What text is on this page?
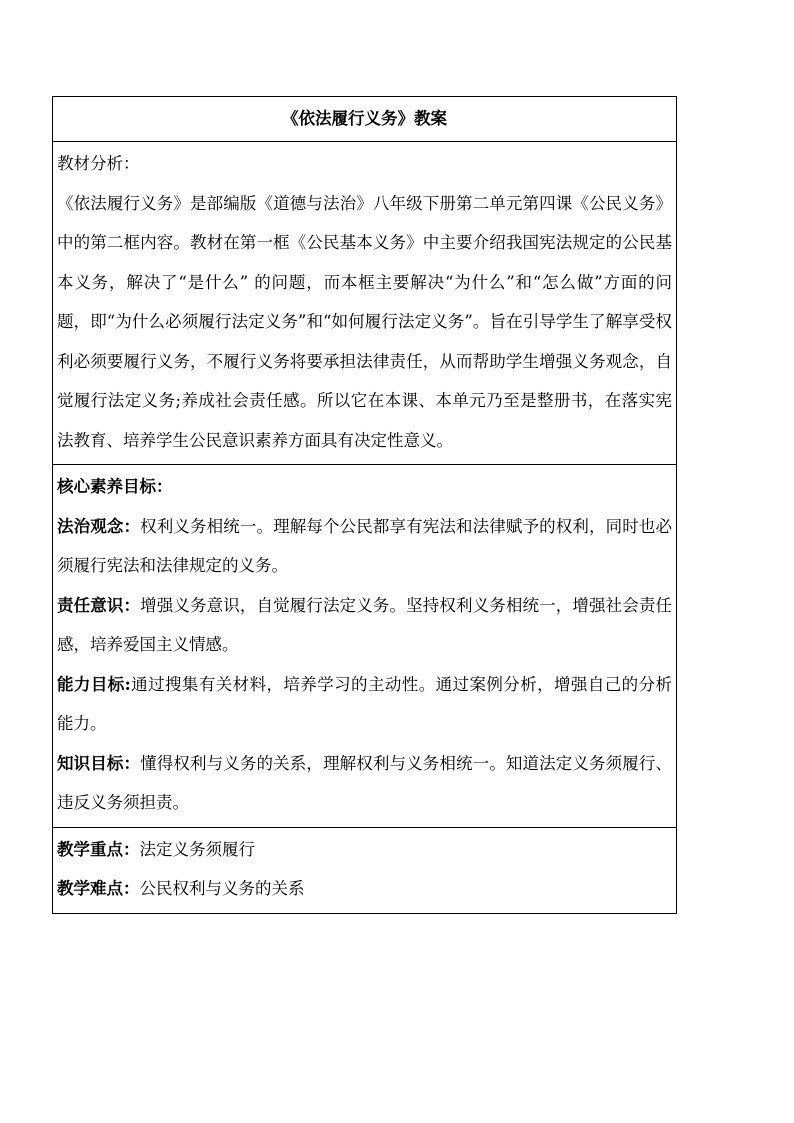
《依法履行义务》教案

教材分析：

《依法履行义务》是部编版《道德与法治》八年级下册第二单元第四课《公民义务》中的第二框内容。教材在第一框《公民基本义务》中主要介绍我国宪法规定的公民基本义务，解决了“是什么” 的问题，而本框主要解决“为什么”和“怎么做”方面的问题，即“为什么必须履行法定义务”和“如何履行法定义务”。旨在引导学生了解享受权利必须要履行义务，不履行义务将要承担法律责任，从而帮助学生增强义务观念，自觉履行法定义务;养成社会责任感。所以它在本课、本单元乃至是整册书，在落实宪法教育、培养学生公民意识素养方面具有决定性意义。

核心素养目标：

法治观念：权利义务相统一。理解每个公民都享有宪法和法律赋予的权利，同时也必须履行宪法和法律规定的义务。

责任意识：增强义务意识，自觉履行法定义务。坚持权利义务相统一，增强社会责任感，培养爱国主义情感。

能力目标:通过搜集有关材料，培养学习的主动性。通过案例分析，增强自己的分析能力。

知识目标：懂得权利与义务的关系，理解权利与义务相统一。知道法定义务须履行、违反义务须担责。

教学重点：法定义务须履行

教学难点：公民权利与义务的关系
